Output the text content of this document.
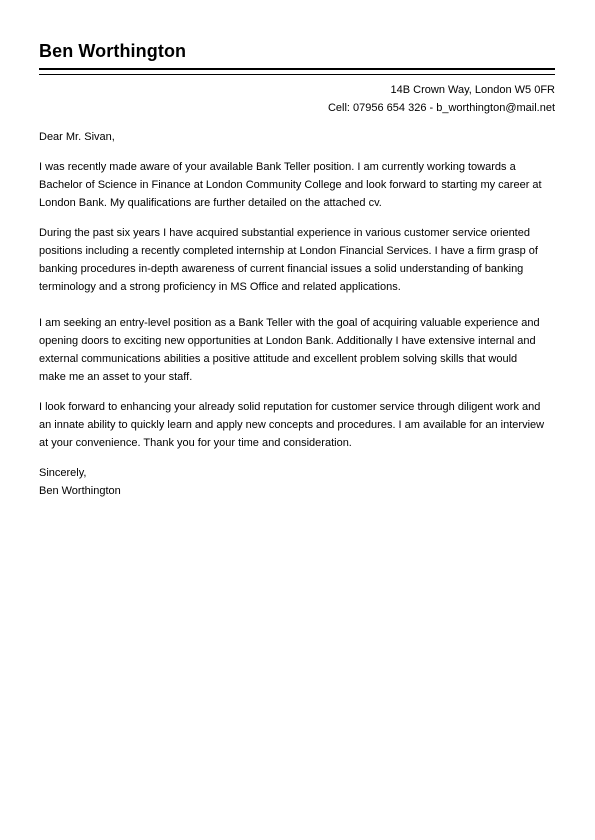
Ben Worthington
14B Crown Way, London W5 0FR
Cell: 07956 654 326 - b_worthington@mail.net

Dear Mr. Sivan,

I was recently made aware of your available Bank Teller position. I am currently working towards a
Bachelor of Science in Finance at London Community College and look forward to starting my career at
London Bank. My qualifications are further detailed on the attached cv.

During the past six years I have acquired substantial experience in various customer service oriented
positions including a recently completed internship at London Financial Services. I have a firm grasp of
banking procedures in-depth awareness of current financial issues a solid understanding of banking
terminology and a strong proficiency in MS Office and related applications.

I am seeking an entry-level position as a Bank Teller with the goal of acquiring valuable experience and
opening doors to exciting new opportunities at London Bank. Additionally I have extensive internal and
external communications abilities a positive attitude and excellent problem solving skills that would
make me an asset to your staff.

I look forward to enhancing your already solid reputation for customer service through diligent work and
an innate ability to quickly learn and apply new concepts and procedures. I am available for an interview
at your convenience. Thank you for your time and consideration.

Sincerely,
Ben Worthington
